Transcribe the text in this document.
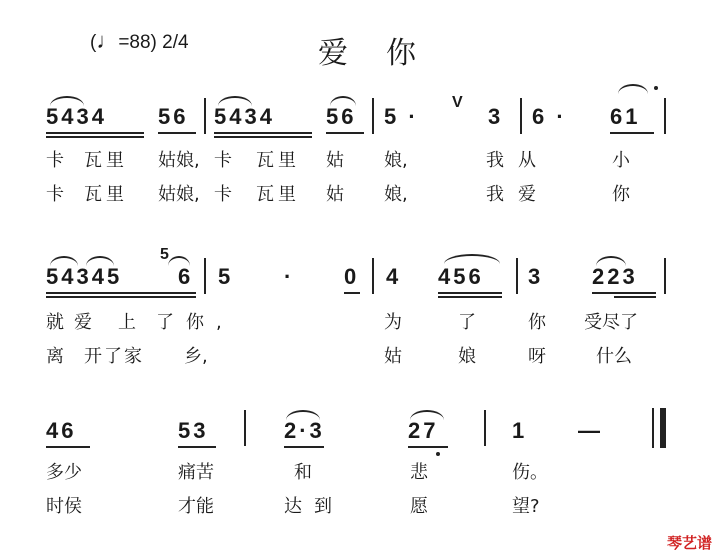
(♩=88) 2/4	爱你
5434 56 5434 56 5 ·
V
3 6 · 61
卡 瓦里 姑娘, 卡 瓦里 姑 娘,	我从	小
卡 瓦里 姑娘, 卡 瓦里 姑 娘,	我爱	你
5
54345	6 5 · 0 4 456 3 223
就爱 上 了你,	为	了	你 受尽了
离 开了家 乡,	姑	娘	呀	什么
46	53	2·3	27	1 —
多少	痛苦	和	悲	伤。
时侯	才能	达到	愿	望?
琴艺谱
